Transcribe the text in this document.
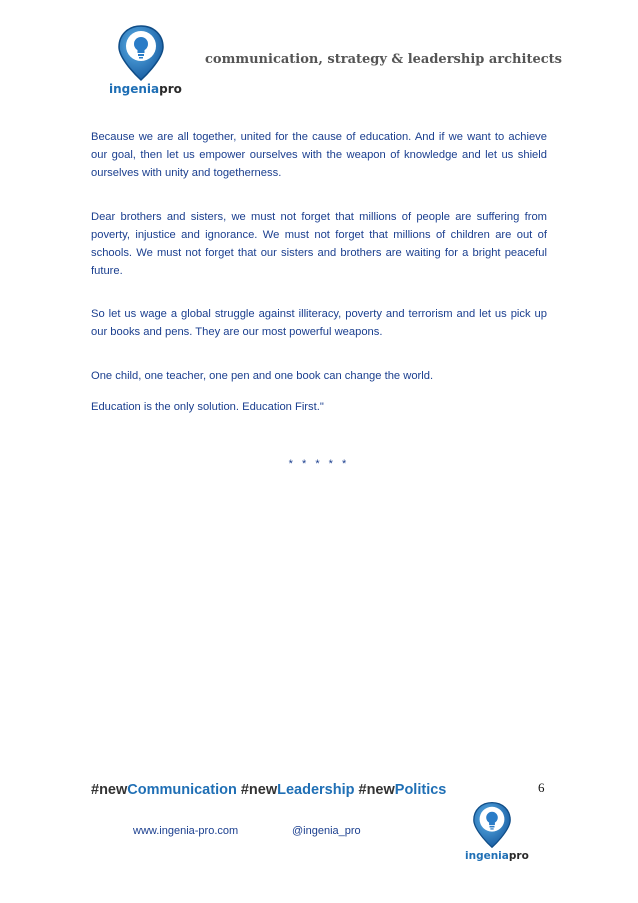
ingeniapro
communication, strategy & leadership architects

Because we are all together, united for the cause of education. And if we want to achieve our goal, then let us empower ourselves with the weapon of knowledge and let us shield ourselves with unity and togetherness.

Dear brothers and sisters, we must not forget that millions of people are suffering from poverty, injustice and ignorance. We must not forget that millions of children are out of schools. We must not forget that our sisters and brothers are waiting for a bright peaceful future.

So let us wage a global struggle against illiteracy, poverty and terrorism and let us pick up our books and pens. They are our most powerful weapons.

One child, one teacher, one pen and one book can change the world.

Education is the only solution. Education First."

* * * * *
#newCommunication #newLeadership #newPolitics	6
www.ingenia-pro.com	@ingenia_pro
ingeniapro
